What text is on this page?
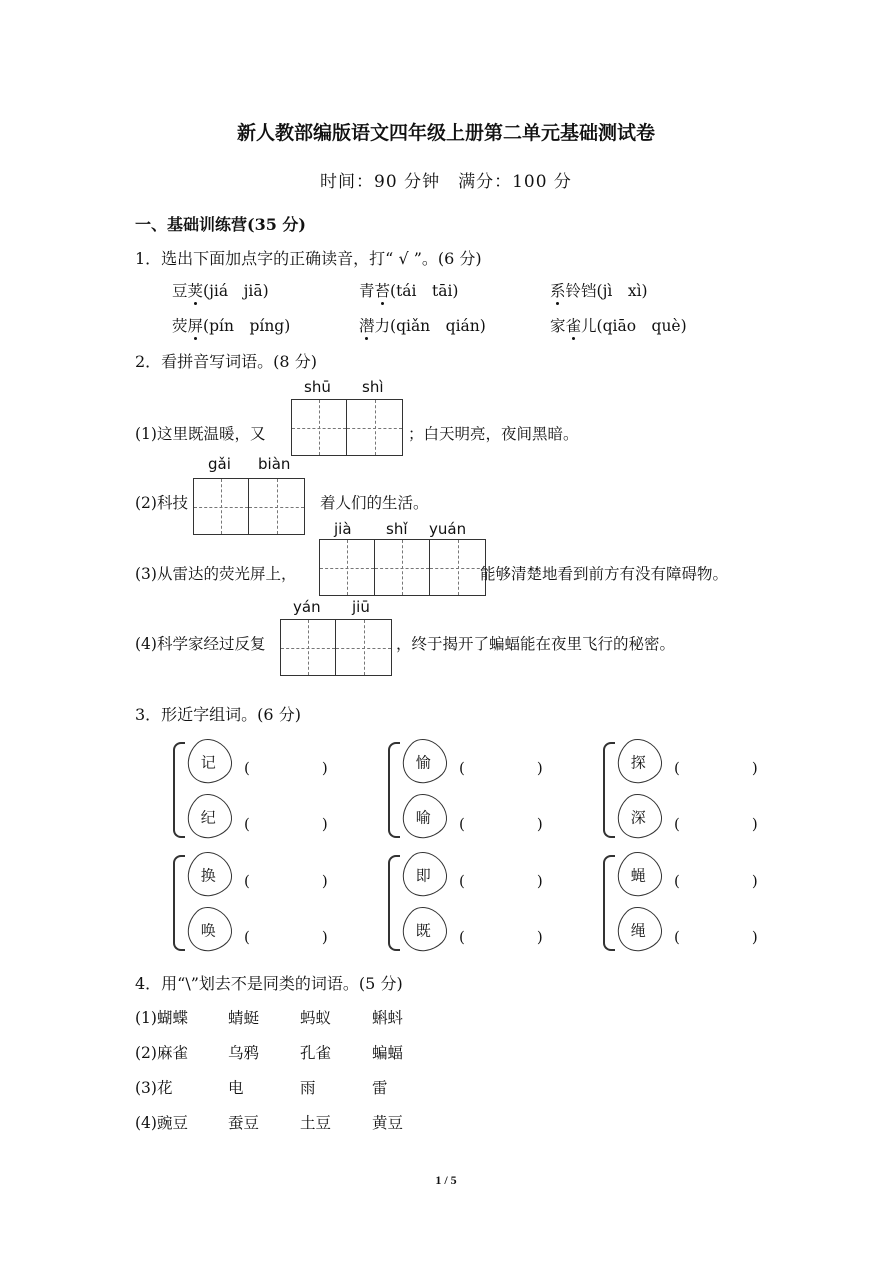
新人教部编版语文四年级上册第二单元基础测试卷
时间：90 分钟　满分：100 分
一、基础训练营(35 分)
1．选出下面加点字的正确读音，打“ √ ”。(6 分)
豆荚(jiá　jiā)	青苔(tái　tāi)	系铃铛(jì　xì)
荧屏(pín　píng)	潜力(qiǎn　qián)	家雀儿(qiāo　què)
2．看拼音写词语。(8 分)
shū shì
(1)这里既温暖，又	；白天明亮，夜间黑暗。
gǎi biàn
(2)科技	着人们的生活。
jià shǐ yuán
(3)从雷达的荧光屏上，	能够清楚地看到前方有没有障碍物。
yán jiū
(4)科学家经过反复	，终于揭开了蝙蝠能在夜里飞行的秘密。
3．形近字组词。(6 分)
记
纪
(	)
(	)
愉
喻
(	)
(	)
探
深
(	)
(	)
换
唤
(	)
(	)
即
既
(	)
(	)
蝇
绳
(	)
(	)
4．用“\”划去不是同类的词语。(5 分)
(1)蝴蝶	蜻蜓	蚂蚁	蝌蚪
(2)麻雀	乌鸦	孔雀	蝙蝠
(3)花	电	雨	雷
(4)豌豆	蚕豆	土豆	黄豆
1 / 5
